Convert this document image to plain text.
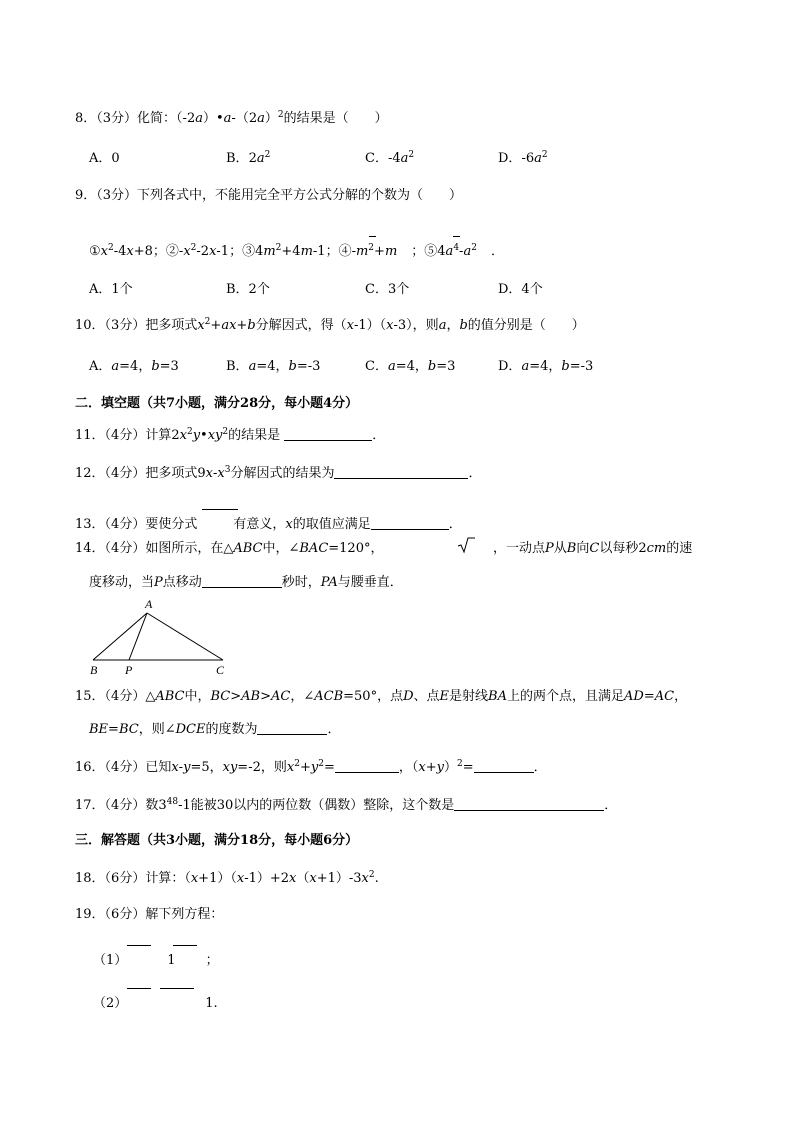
8．（3分）化简：$(-2a)•a-(2a)^2$的结果是（　　）
A．0	B．$2a^2$	C．$-4a^2$	D．$-6a^2$
9．（3分）下列各式中，不能用完全平方公式分解的个数为（　　）
$①x^2-4x+8$；$②-x^2-2x-1$；$③4m^2+4m-1$；$④-m^2+m$ ；$⑤4a^4-a^2$ ．
A．1个	B．2个	C．3个	D．4个
10．（3分）把多项式$x^2+ax+b$分解因式，得（x-1）（x-3），则a，b的值分别是（　　）
A．a=4，b=3	B．a=4，b=-3	C．a=4，b=3	D．a=4，b=-3
二．填空题（共7小题，满分28分，每小题4分）
11．（4分）计算$2x^2y•xy^2$的结果是	．
12．（4分）把多项式$9x-x^3$分解因式的结果为	．
13．（4分）要使分式	有意义，x的取值应满足	．
14．（4分）如图所示，在△ABC中，∠BAC=120°，	，一动点P从B向C以每秒2cm的速
度移动，当P点移动	秒时，PA与腰垂直．
A
B P	C
15．（4分）△ABC中，BC>AB>AC，∠ACB=50°，点D、点E是射线BA上的两个点，且满足AD=AC，
BE=BC，则∠DCE的度数为	．
16．（4分）已知x-y=5，xy=-2，则$x^2+y^2=$	，$(x+y)^2=$	．
17．（4分）数$3^{48}-1$能被30以内的两位数（偶数）整除，这个数是	．
三．解答题（共3小题，满分18分，每小题6分）
18．（6分）计算：$(x+1)(x-1)+2x(x+1)-3x^2$.
19．（6分）解下列方程：
（1）	1 ；
（2）	1.
